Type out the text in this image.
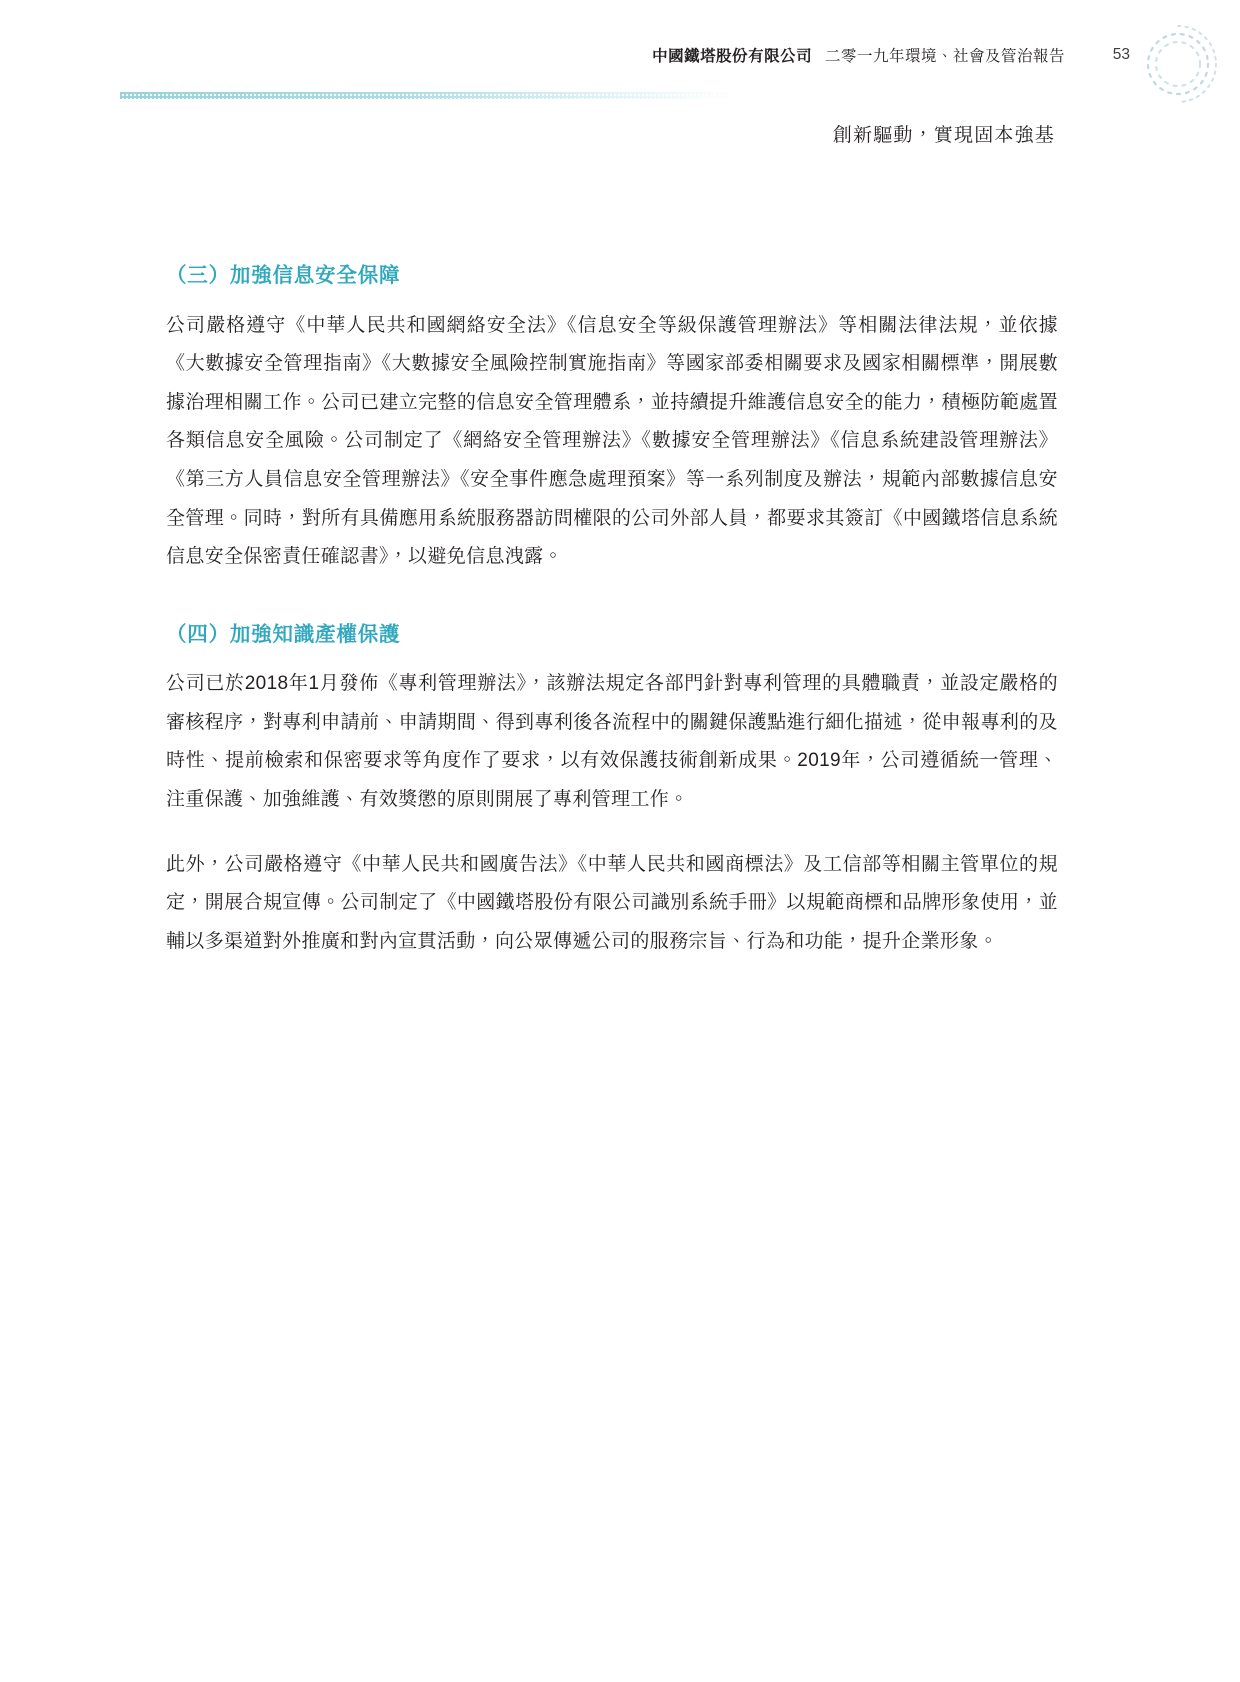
中國鐵塔股份有限公司 二零一九年環境、社會及管治報告	53
創新驅動，實現固本強基
（三）加強信息安全保障

公司嚴格遵守《中華人民共和國網絡安全法》《信息安全等級保護管理辦法》等相關法律法規，並依據《大數據安全管理指南》《大數據安全風險控制實施指南》等國家部委相關要求及國家相關標準，開展數據治理相關工作。公司已建立完整的信息安全管理體系，並持續提升維護信息安全的能力，積極防範處置各類信息安全風險。公司制定了《網絡安全管理辦法》《數據安全管理辦法》《信息系統建設管理辦法》《第三方人員信息安全管理辦法》《安全事件應急處理預案》等一系列制度及辦法，規範內部數據信息安全管理。同時，對所有具備應用系統服務器訪問權限的公司外部人員，都要求其簽訂《中國鐵塔信息系統信息安全保密責任確認書》，以避免信息洩露。

（四）加強知識產權保護

公司已於2018年1月發佈《專利管理辦法》，該辦法規定各部門針對專利管理的具體職責，並設定嚴格的審核程序，對專利申請前、申請期間、得到專利後各流程中的關鍵保護點進行細化描述，從申報專利的及時性、提前檢索和保密要求等角度作了要求，以有效保護技術創新成果。2019年，公司遵循統一管理、注重保護、加強維護、有效獎懲的原則開展了專利管理工作。

此外，公司嚴格遵守《中華人民共和國廣告法》《中華人民共和國商標法》及工信部等相關主管單位的規定，開展合規宣傳。公司制定了《中國鐵塔股份有限公司識別系統手冊》以規範商標和品牌形象使用，並輔以多渠道對外推廣和對內宣貫活動，向公眾傳遞公司的服務宗旨、行為和功能，提升企業形象。
